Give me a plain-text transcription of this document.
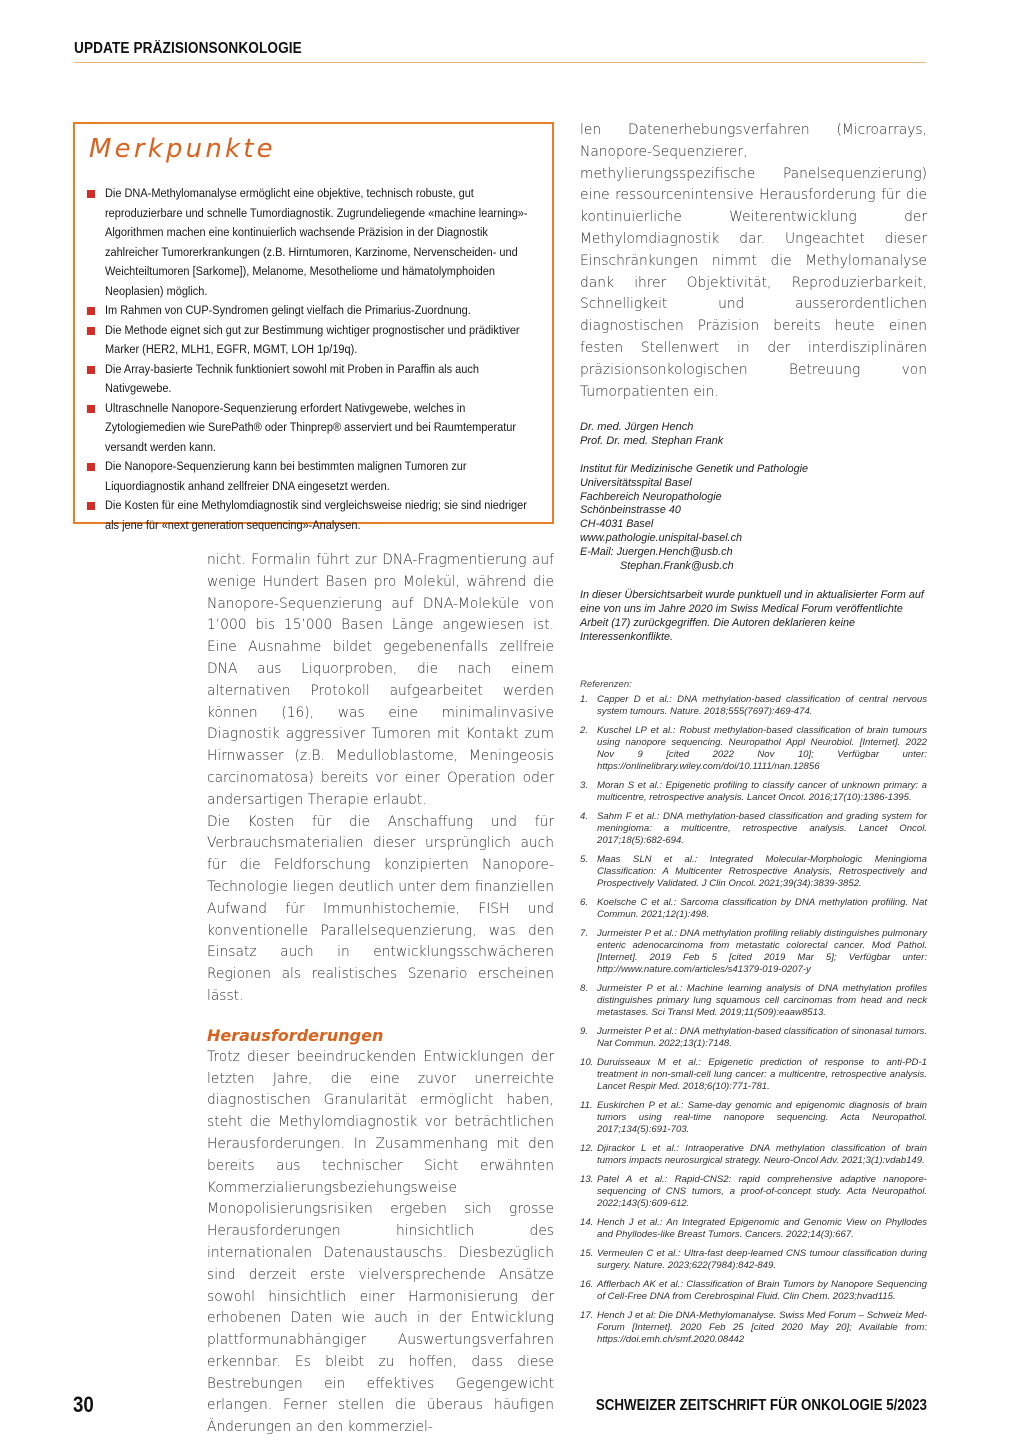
UPDATE PRÄZISIONSONKOLOGIE
Merkpunkte
Die DNA-Methylomanalyse ermöglicht eine objektive, technisch robuste, gut reproduzierbare und schnelle Tumordiagnostik. Zugrundeliegende «machine learning»-Algorithmen machen eine kontinuierlich wachsende Präzision in der Diagnostik zahlreicher Tumorerkrankungen (z.B. Hirntumoren, Karzinome, Nervenscheiden- und Weichteiltumoren [Sarkome]), Melanome, Mesotheliome und hämatolymphoiden Neoplasien) möglich.
Im Rahmen von CUP-Syndromen gelingt vielfach die Primarius-Zuordnung.
Die Methode eignet sich gut zur Bestimmung wichtiger prognostischer und prädiktiver Marker (HER2, MLH1, EGFR, MGMT, LOH 1p/19q).
Die Array-basierte Technik funktioniert sowohl mit Proben in Paraffin als auch Nativgewebe.
Ultraschnelle Nanopore-Sequenzierung erfordert Nativgewebe, welches in Zytologiemedien wie SurePath® oder Thinprep® asserviert und bei Raumtemperatur versandt werden kann.
Die Nanopore-Sequenzierung kann bei bestimmten malignen Tumoren zur Liquordiagnostik anhand zellfreier DNA eingesetzt werden.
Die Kosten für eine Methylomdiagnostik sind vergleichsweise niedrig; sie sind niedriger als jene für «next generation sequencing»-Analysen.

nicht. Formalin führt zur DNA-Fragmentierung auf wenige Hundert Basen pro Molekül, während die Nanopore-Sequenzierung auf DNA-Moleküle von 1’000 bis 15’000 Basen Länge angewiesen ist. Eine Ausnahme bildet gegebenenfalls zellfreie DNA aus Liquorproben, die nach einem alternativen Protokoll aufgearbeitet werden können (16), was eine minimalinvasive Diagnostik aggressiver Tumoren mit Kontakt zum Hirnwasser (z.B. Medulloblastome, Meningeosis carcinomatosa) bereits vor einer Operation oder andersartigen Therapie erlaubt.

Die Kosten für die Anschaffung und für Verbrauchsmaterialien dieser ursprünglich auch für die Feldforschung konzipierten Nanopore-Technologie liegen deutlich unter dem finanziellen Aufwand für Immunhistochemie, FISH und konventionelle Parallelsequenzierung, was den Einsatz auch in entwicklungsschwächeren Regionen als realistisches Szenario erscheinen lässt.

Herausforderungen

Trotz dieser beeindruckenden Entwicklungen der letzten Jahre, die eine zuvor unerreichte diagnostischen Granularität ermöglicht haben, steht die Methylomdiagnostik vor beträchtlichen Herausforderungen. In Zusammenhang mit den bereits aus technischer Sicht erwähnten Kommerzialierungsbeziehungsweise Monopolisierungsrisiken ergeben sich grosse Herausforderungen hinsichtlich des internationalen Datenaustauschs. Diesbezüglich sind derzeit erste vielversprechende Ansätze sowohl hinsichtlich einer Harmonisierung der erhobenen Daten wie auch in der Entwicklung plattformunabhängiger Auswertungsverfahren erkennbar. Es bleibt zu hoffen, dass diese Bestrebungen ein effektives Gegengewicht erlangen. Ferner stellen die überaus häufigen Änderungen an den kommerziel-

len Datenerhebungsverfahren (Microarrays, Nanopore-Sequenzierer, methylierungsspezifische Panelsequenzierung) eine ressourcenintensive Herausforderung für die kontinuierliche Weiterentwicklung der Methylomdiagnostik dar. Ungeachtet dieser Einschränkungen nimmt die Methylomanalyse dank ihrer Objektivität, Reproduzierbarkeit, Schnelligkeit und ausserordentlichen diagnostischen Präzision bereits heute einen festen Stellenwert in der interdisziplinären präzisionsonkologischen Betreuung von Tumorpatienten ein.

Dr. med. Jürgen Hench
Prof. Dr. med. Stephan Frank
Institut für Medizinische Genetik und Pathologie
Universitätsspital Basel
Fachbereich Neuropathologie
Schönbeinstrasse 40
CH-4031 Basel
www.pathologie.unispital-basel.ch
E-Mail: Juergen.Hench@usb.ch
Stephan.Frank@usb.ch

In dieser Übersichtsarbeit wurde punktuell und in aktualisierter Form auf eine von uns im Jahre 2020 im Swiss Medical Forum veröffentlichte Arbeit (17) zurückgegriffen. Die Autoren deklarieren keine Interessenkonflikte.

Referenzen:
1. Capper D et al.: DNA methylation-based classification of central nervous system tumours. Nature. 2018;555(7697):469-474.
2. Kuschel LP et al.: Robust methylation-based classification of brain tumours using nanopore sequencing. Neuropathol Appl Neurobiol. [Internet]. 2022 Nov 9 [cited 2022 Nov 10]; Verfügbar unter: https://onlinelibrary.wiley.com/doi/10.1111/nan.12856
3. Moran S et al.: Epigenetic profiling to classify cancer of unknown primary: a multicentre, retrospective analysis. Lancet Oncol. 2016;17(10):1386-1395.
4. Sahm F et al.: DNA methylation-based classification and grading system for meningioma: a multicentre, retrospective analysis. Lancet Oncol. 2017;18(5):682-694.
5. Maas SLN et al.: Integrated Molecular-Morphologic Meningioma Classification: A Multicenter Retrospective Analysis, Retrospectively and Prospectively Validated. J Clin Oncol. 2021;39(34):3839-3852.
6. Koelsche C et al.: Sarcoma classification by DNA methylation profiling. Nat Commun. 2021;12(1):498.
7. Jurmeister P et al.: DNA methylation profiling reliably distinguishes pulmonary enteric adenocarcinoma from metastatic colorectal cancer. Mod Pathol. [Internet]. 2019 Feb 5 [cited 2019 Mar 5]; Verfügbar unter: http://www.nature.com/articles/s41379-019-0207-y
8. Jurmeister P et al.: Machine learning analysis of DNA methylation profiles distinguishes primary lung squamous cell carcinomas from head and neck metastases. Sci Transl Med. 2019;11(509):eaaw8513.
9. Jurmeister P et al.: DNA methylation-based classification of sinonasal tumors. Nat Commun. 2022;13(1):7148.
10. Duruisseaux M et al.: Epigenetic prediction of response to anti-PD-1 treatment in non-small-cell lung cancer: a multicentre, retrospective analysis. Lancet Respir Med. 2018;6(10):771-781.
11. Euskirchen P et al.: Same-day genomic and epigenomic diagnosis of brain tumors using real-time nanopore sequencing. Acta Neuropathol. 2017;134(5):691-703.
12. Djirackor L et al.: Intraoperative DNA methylation classification of brain tumors impacts neurosurgical strategy. Neuro-Oncol Adv. 2021;3(1):vdab149.
13. Patel A et al.: Rapid-CNS2: rapid comprehensive adaptive nanopore-sequencing of CNS tumors, a proof-of-concept study. Acta Neuropathol. 2022;143(5):609-612.
14. Hench J et al.: An Integrated Epigenomic and Genomic View on Phyllodes and Phyllodes-like Breast Tumors. Cancers. 2022;14(3):667.
15. Vermeulen C et al.: Ultra-fast deep-learned CNS tumour classification during surgery. Nature. 2023;622(7984):842-849.
16. Afflerbach AK et al.: Classification of Brain Tumors by Nanopore Sequencing of Cell-Free DNA from Cerebrospinal Fluid. Clin Chem. 2023;hvad115.
17. Hench J et al: Die DNA-Methylomanalyse. Swiss Med Forum – Schweiz Med-Forum [Internet]. 2020 Feb 25 [cited 2020 May 20]; Available from: https://doi.emh.ch/smf.2020.08442
30	SCHWEIZER ZEITSCHRIFT FÜR ONKOLOGIE 5/2023
